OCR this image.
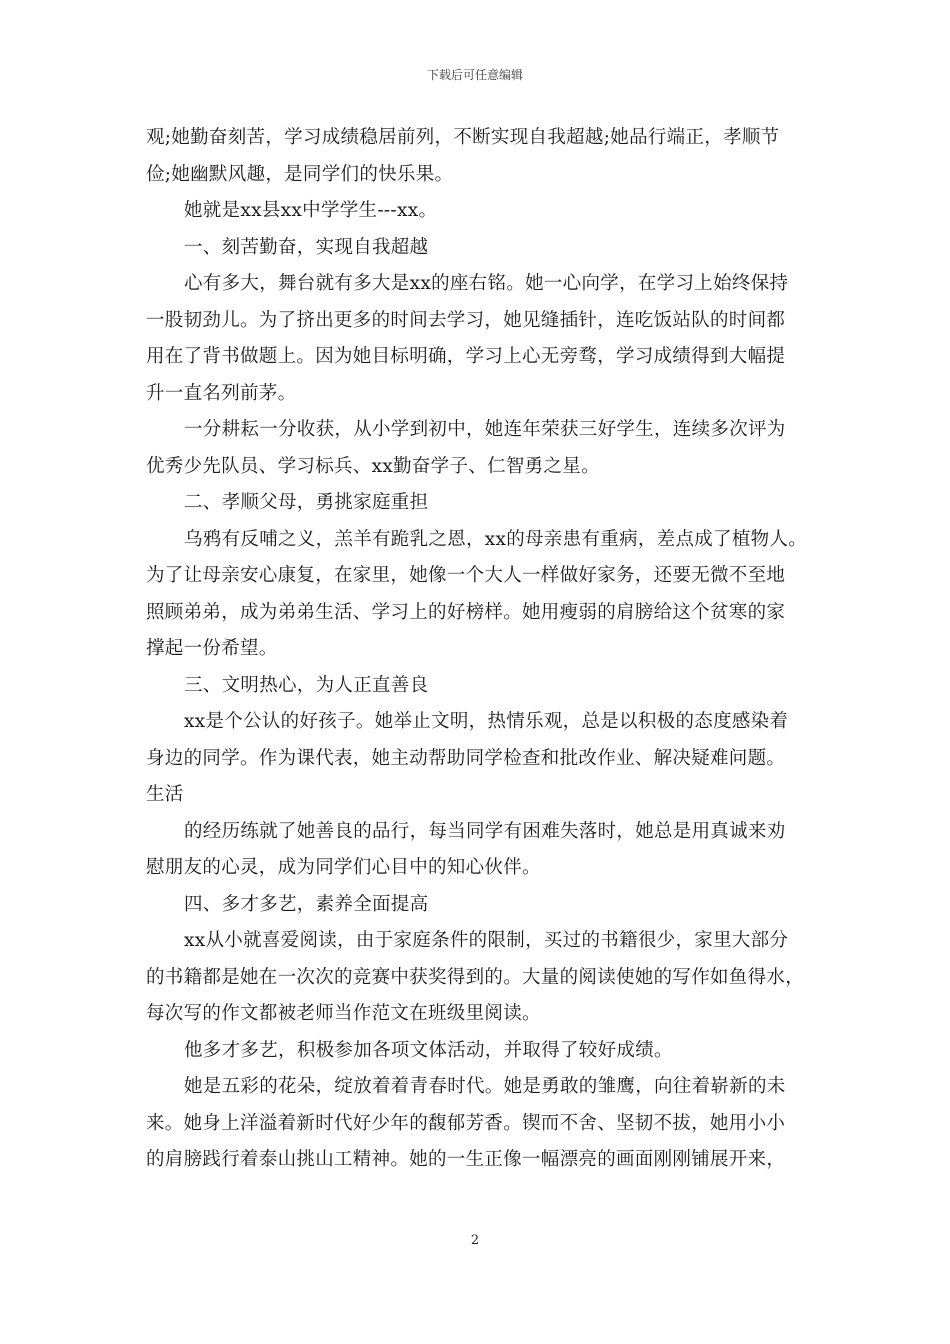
下载后可任意编辑
观;她勤奋刻苦，学习成绩稳居前列，不断实现自我超越;她品行端正，孝顺节
俭;她幽默风趣，是同学们的快乐果。
她就是xx县xx中学学生---xx。
一、刻苦勤奋，实现自我超越
心有多大，舞台就有多大是xx的座右铭。她一心向学，在学习上始终保持
一股韧劲儿。为了挤出更多的时间去学习，她见缝插针，连吃饭站队的时间都
用在了背书做题上。因为她目标明确，学习上心无旁骛，学习成绩得到大幅提
升一直名列前茅。
一分耕耘一分收获，从小学到初中，她连年荣获三好学生，连续多次评为
优秀少先队员、学习标兵、xx勤奋学子、仁智勇之星。
二、孝顺父母，勇挑家庭重担
乌鸦有反哺之义，羔羊有跪乳之恩，xx的母亲患有重病，差点成了植物人。
为了让母亲安心康复，在家里，她像一个大人一样做好家务，还要无微不至地
照顾弟弟，成为弟弟生活、学习上的好榜样。她用瘦弱的肩膀给这个贫寒的家
撑起一份希望。
三、文明热心，为人正直善良
xx是个公认的好孩子。她举止文明，热情乐观，总是以积极的态度感染着
身边的同学。作为课代表，她主动帮助同学检查和批改作业、解决疑难问题。
生活
的经历练就了她善良的品行，每当同学有困难失落时，她总是用真诚来劝
慰朋友的心灵，成为同学们心目中的知心伙伴。
四、多才多艺，素养全面提高
xx从小就喜爱阅读，由于家庭条件的限制，买过的书籍很少，家里大部分
的书籍都是她在一次次的竞赛中获奖得到的。大量的阅读使她的写作如鱼得水，
每次写的作文都被老师当作范文在班级里阅读。
他多才多艺，积极参加各项文体活动，并取得了较好成绩。
她是五彩的花朵，绽放着着青春时代。她是勇敢的雏鹰，向往着崭新的未
来。她身上洋溢着新时代好少年的馥郁芳香。锲而不舍、坚韧不拔，她用小小
的肩膀践行着泰山挑山工精神。她的一生正像一幅漂亮的画面刚刚铺展开来，
2
